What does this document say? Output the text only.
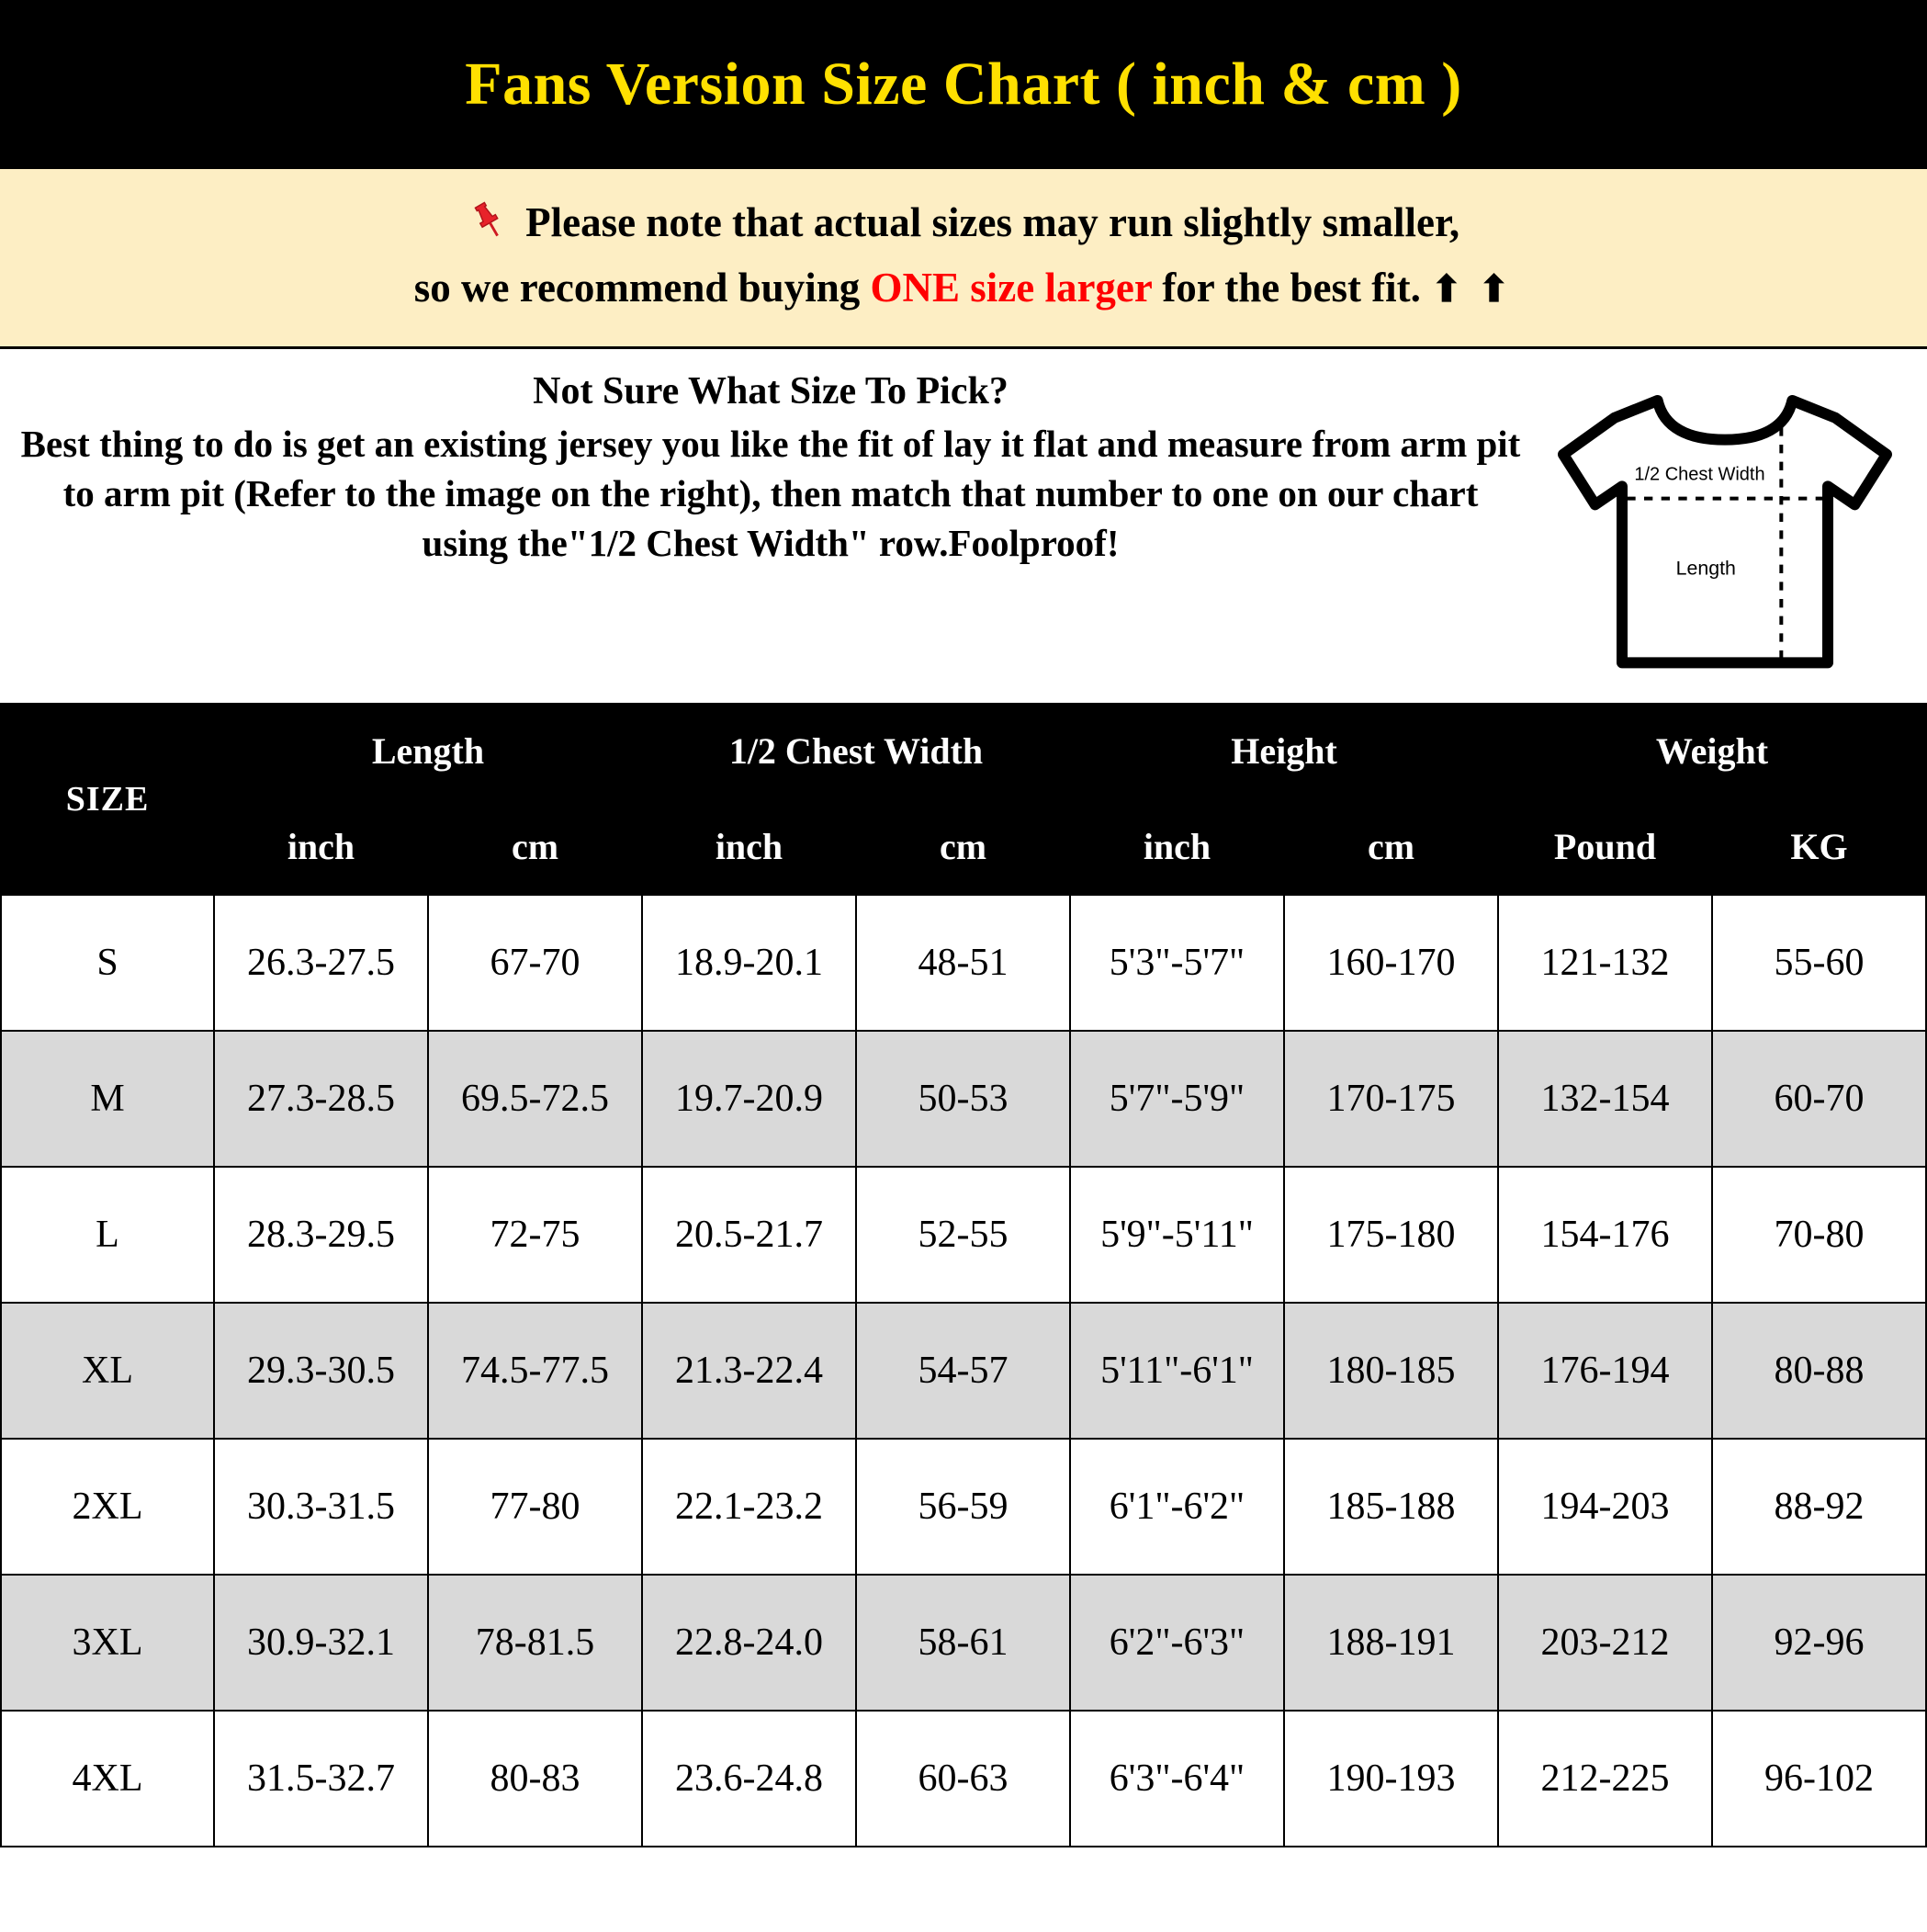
Fans Version Size Chart ( inch & cm )
Please note that actual sizes may run slightly smaller,
so we recommend buying ONE size larger for the best fit. ⬆ ⬆
Not Sure What Size To Pick?
Best thing to do is get an existing jersey you like the fit of lay it flat and measure from arm pit to arm pit (Refer to the image on the right), then match that number to one on our chart using the"1/2 Chest Width" row.Foolproof!
1/2 Chest Width
Length
SIZE	Length		1/2 Chest Width		Height		Weight	
	inch	cm	inch	cm	inch	cm	Pound	KG
S	26.3-27.5	67-70	18.9-20.1	48-51	5'3"-5'7"	160-170	121-132	55-60
M	27.3-28.5	69.5-72.5	19.7-20.9	50-53	5'7"-5'9"	170-175	132-154	60-70
L	28.3-29.5	72-75	20.5-21.7	52-55	5'9"-5'11"	175-180	154-176	70-80
XL	29.3-30.5	74.5-77.5	21.3-22.4	54-57	5'11"-6'1"	180-185	176-194	80-88
2XL	30.3-31.5	77-80	22.1-23.2	56-59	6'1"-6'2"	185-188	194-203	88-92
3XL	30.9-32.1	78-81.5	22.8-24.0	58-61	6'2"-6'3"	188-191	203-212	92-96
4XL	31.5-32.7	80-83	23.6-24.8	60-63	6'3"-6'4"	190-193	212-225	96-102
